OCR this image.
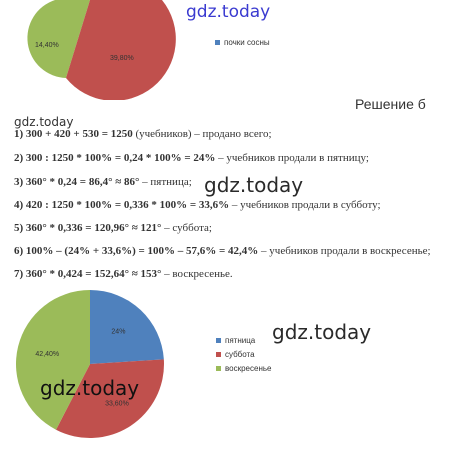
gdz.today
gdz.today
gdz.today
gdz.today
14,40%
39,80%
почки сосны
Решение б
1) 300 + 420 + 530 = 1250 (учебников) – продано всего;
2) 300 : 1250 * 100% = 0,24 * 100% = 24% – учебников продали в пятницу;
3) 360° * 0,24 = 86,4° ≈ 86° – пятница;
4) 420 : 1250 * 100% = 0,336 * 100% = 33,6% – учебников продали в субботу;
5) 360° * 0,336 = 120,96° ≈ 121° – суббота;
6) 100% – (24% + 33,6%) = 100% – 57,6% = 42,4% – учебников продали в воскресенье;
7) 360° * 0,424 = 152,64° ≈ 153° – воскресенье.
24%
33,60%
42,40%
пятница
суббота
воскресенье
gdz.today
